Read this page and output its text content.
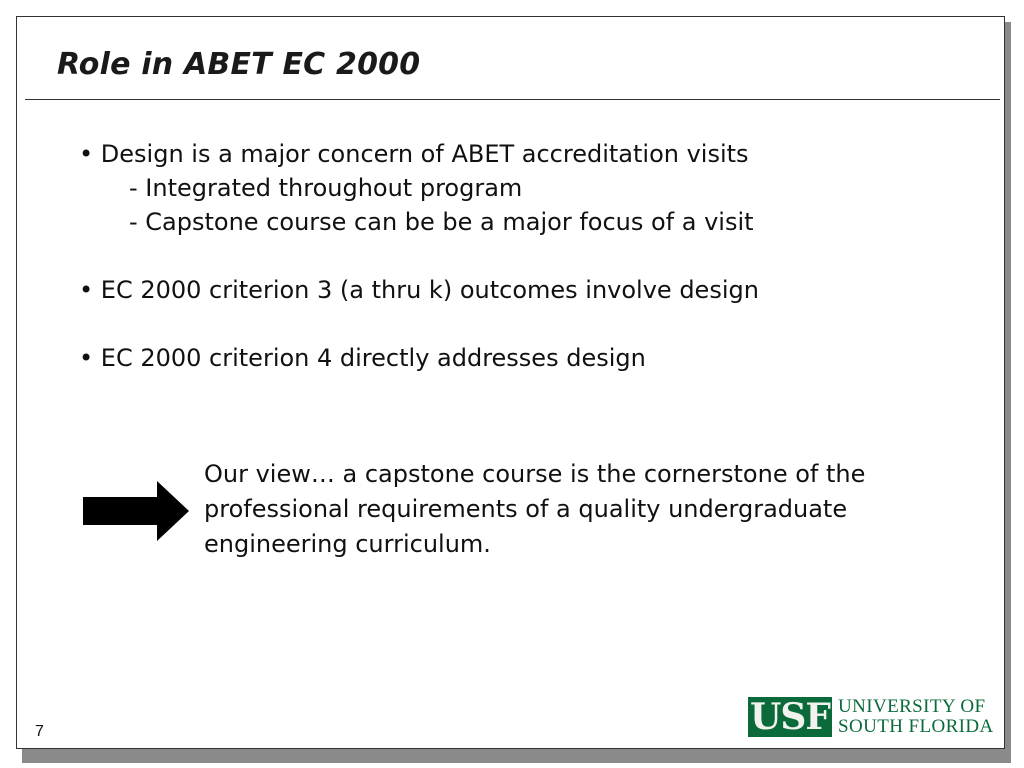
Role in ABET EC 2000
• Design is a major concern of ABET accreditation visits
- Integrated throughout program
- Capstone course can be be a major focus of a visit
• EC 2000 criterion 3 (a thru k) outcomes involve design
• EC 2000 criterion 4 directly addresses design
Our view… a capstone course is the cornerstone of the
professional requirements of a quality undergraduate
engineering curriculum.
7	USF UNIVERSITY OF
SOUTH FLORIDA
